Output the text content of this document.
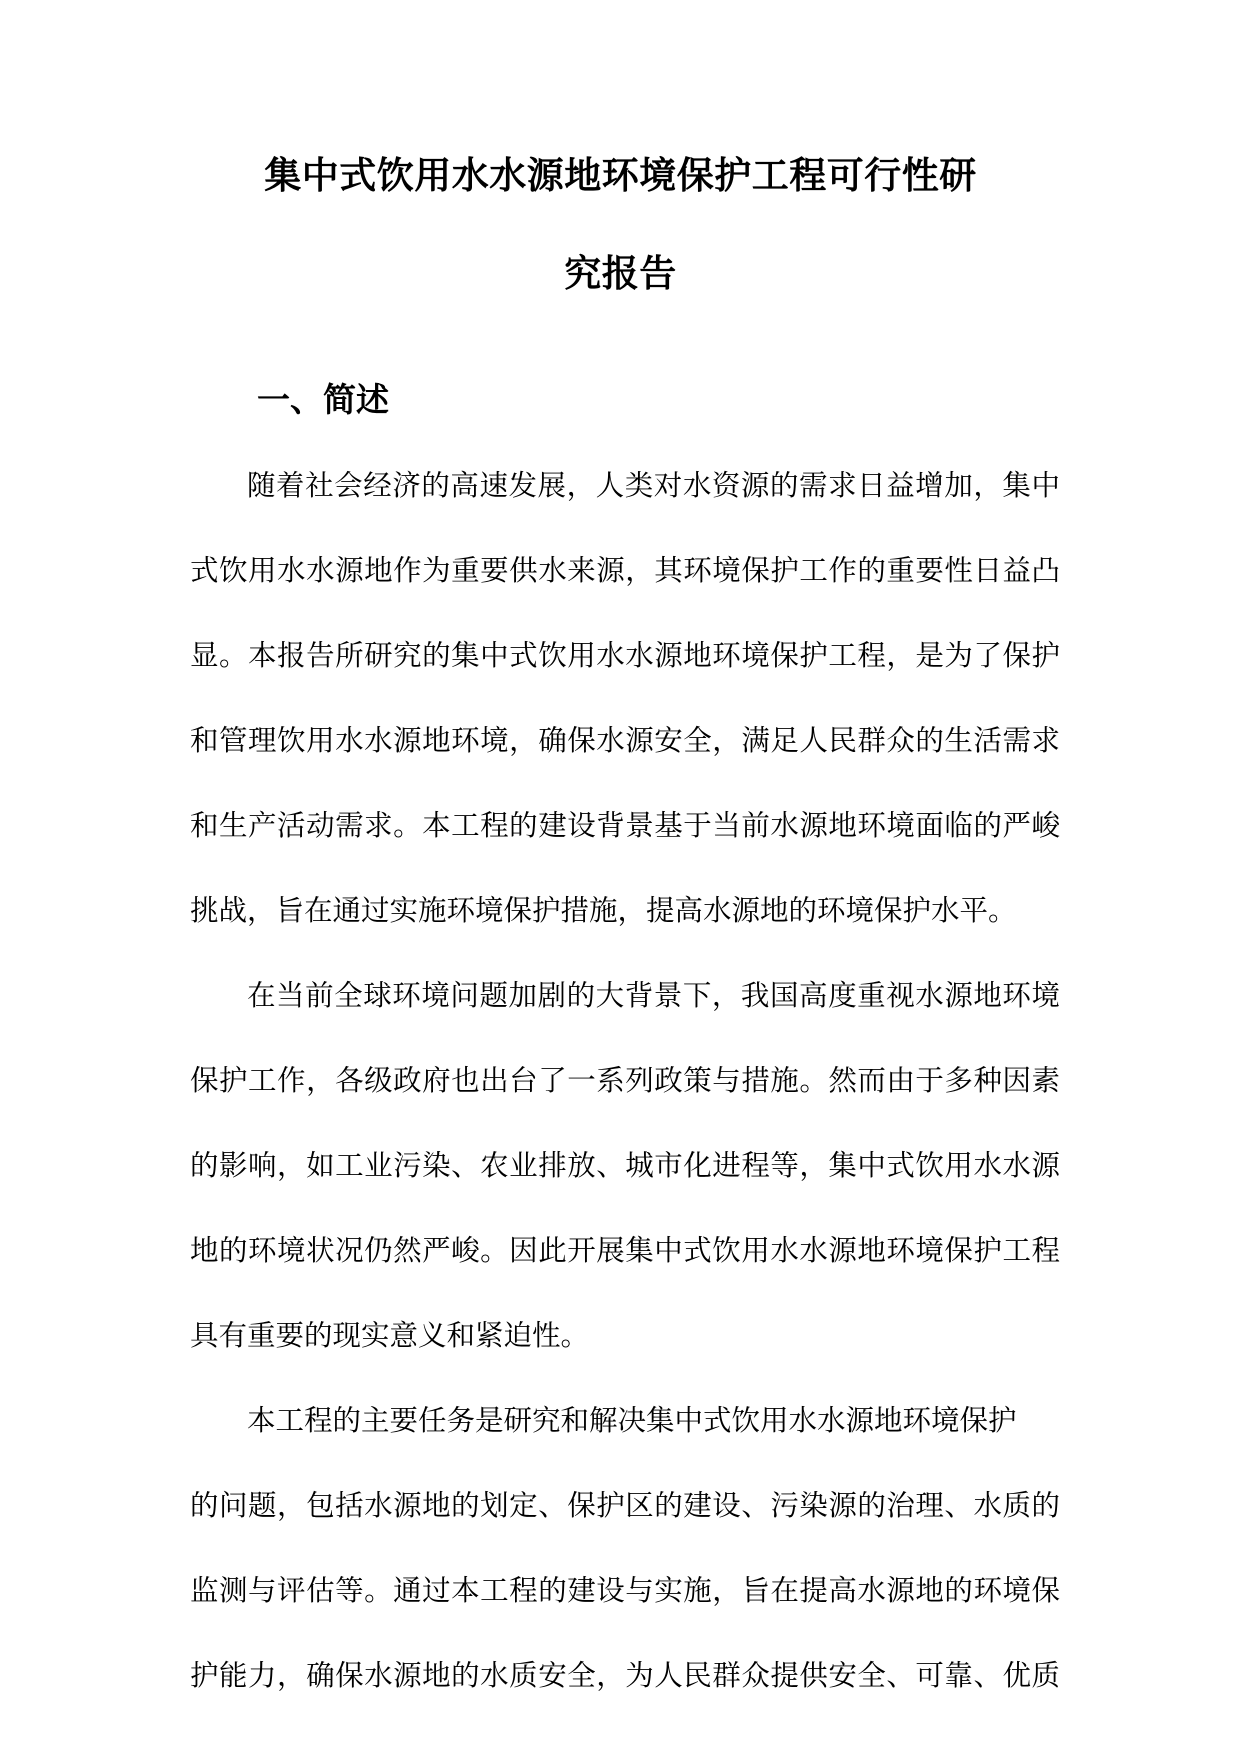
集中式饮用水水源地环境保护工程可行性研
究报告
一、简述

随着社会经济的高速发展，人类对水资源的需求日益增加，集中

式饮用水水源地作为重要供水来源，其环境保护工作的重要性日益凸

显。本报告所研究的集中式饮用水水源地环境保护工程，是为了保护

和管理饮用水水源地环境，确保水源安全，满足人民群众的生活需求

和生产活动需求。本工程的建设背景基于当前水源地环境面临的严峻

挑战，旨在通过实施环境保护措施，提高水源地的环境保护水平。

在当前全球环境问题加剧的大背景下，我国高度重视水源地环境

保护工作，各级政府也出台了一系列政策与措施。然而由于多种因素

的影响，如工业污染、农业排放、城市化进程等，集中式饮用水水源

地的环境状况仍然严峻。因此开展集中式饮用水水源地环境保护工程

具有重要的现实意义和紧迫性。

本工程的主要任务是研究和解决集中式饮用水水源地环境保护

的问题，包括水源地的划定、保护区的建设、污染源的治理、水质的

监测与评估等。通过本工程的建设与实施，旨在提高水源地的环境保

护能力，确保水源地的水质安全，为人民群众提供安全、可靠、优质
